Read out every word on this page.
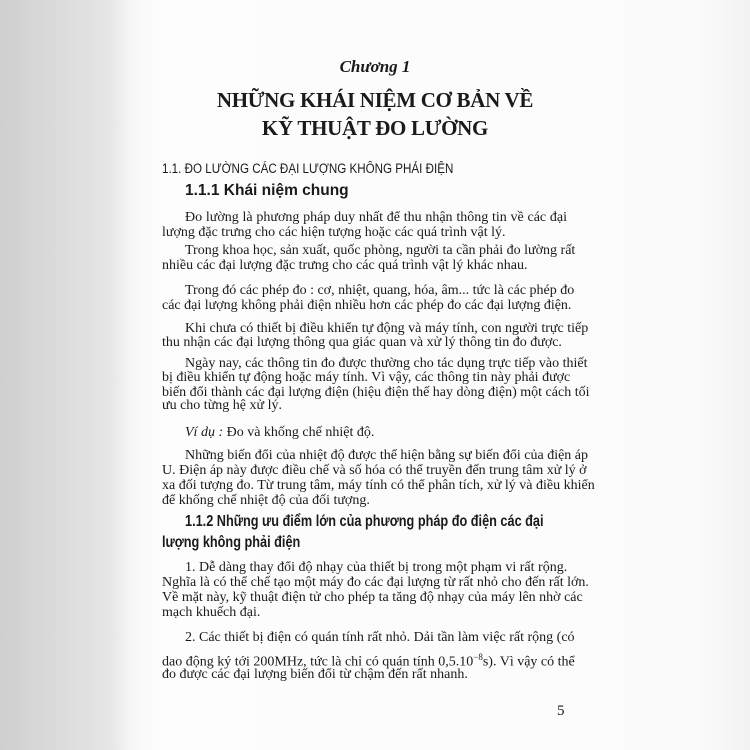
Chương 1
NHỮNG KHÁI NIỆM CƠ BẢN VỀ
KỸ THUẬT ĐO LƯỜNG
1.1. ĐO LƯỜNG CÁC ĐẠI LƯỢNG KHÔNG PHẢI ĐIỆN
1.1.1 Khái niệm chung
Đo lường là phương pháp duy nhất để thu nhận thông tin về các đại
lượng đặc trưng cho các hiện tượng hoặc các quá trình vật lý.
Trong khoa học, sản xuất, quốc phòng, người ta cần phải đo lường rất
nhiều các đại lượng đặc trưng cho các quá trình vật lý khác nhau.
Trong đó các phép đo : cơ, nhiệt, quang, hóa, âm... tức là các phép đo
các đại lượng không phải điện nhiều hơn các phép đo các đại lượng điện.
Khi chưa có thiết bị điều khiển tự động và máy tính, con người trực tiếp
thu nhận các đại lượng thông qua giác quan và xử lý thông tin đo được.
Ngày nay, các thông tin đo được thường cho tác dụng trực tiếp vào thiết
bị điều khiển tự động hoặc máy tính. Vì vậy, các thông tin này phải được
biến đổi thành các đại lượng điện (hiệu điện thế hay dòng điện) một cách tối
ưu cho từng hệ xử lý.
Ví dụ : Đo và khống chế nhiệt độ.
Những biến đổi của nhiệt độ được thể hiện bằng sự biến đổi của điện áp
U. Điện áp này được điều chế và số hóa có thể truyền đến trung tâm xử lý ở
xa đối tượng đo. Từ trung tâm, máy tính có thể phân tích, xử lý và điều khiển
để khống chế nhiệt độ của đối tượng.
1.1.2 Những ưu điểm lớn của phương pháp đo điện các đại
lượng không phải điện
1. Dễ dàng thay đổi độ nhạy của thiết bị trong một phạm vi rất rộng.
Nghĩa là có thể chế tạo một máy đo các đại lượng từ rất nhỏ cho đến rất lớn.
Về mặt này, kỹ thuật điện tử cho phép ta tăng độ nhạy của máy lên nhờ các
mạch khuếch đại.
2. Các thiết bị điện có quán tính rất nhỏ. Dải tần làm việc rất rộng (có
dao động ký tới 200MHz, tức là chỉ có quán tính $0,5.10^{-8}s$). Vì vậy có thể
đo được các đại lượng biến đổi từ chậm đến rất nhanh.
5
